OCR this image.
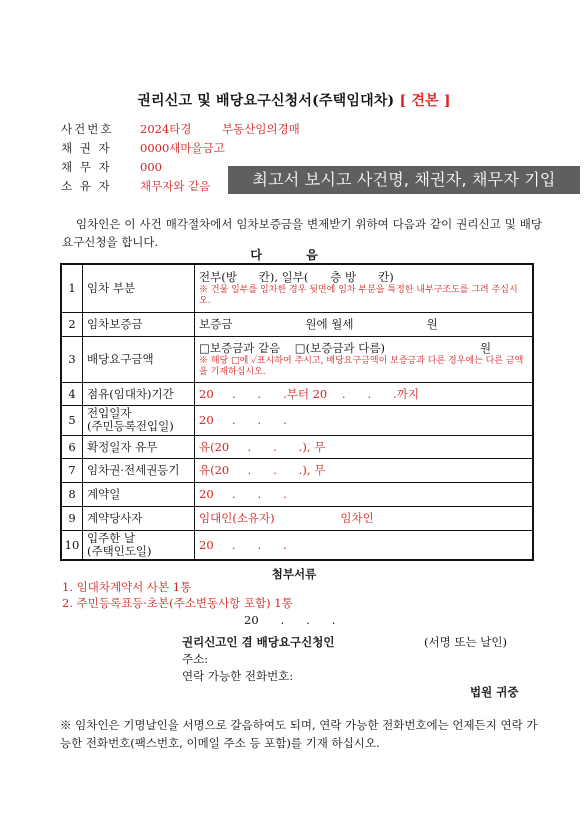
권리신고 및 배당요구신청서(주택임대차) [ 견본 ]
사건번호	2024타경	부동산임의경매
채 권 자	0000새마을금고
채 무 자	000
소 유 자	채무자와 같음	최고서 보시고 사건명, 채권자, 채무자 기입
임차인은 이 사건 매각절차에서 임차보증금을 변제받기 위하여 다음과 같이 권리신고 및 배당요구신청을 합니다.
다 음
1	임차 부분	전부(방      칸), 일부(      층 방      칸)
※ 건물 일부를 임차한 경우 뒷면에 임차 부분을 특정한 내부구조도를 그려 주십시오.

2	임차보증금	보증금                    원에 월세                    원
3	배당요구금액	□보증금과 같음    □(보증금과 다름)                          원
※ 해당 □에 ✓표시하여 주시고, 배당요구금액이 보증금과 다른 경우에는 다른 금액을 기재하십시오.

4	점유(임대차)기간	20     .      .      .부터 20    .      .      .까지
5	전입일자
(주민등록전입일)	20     .      .      .
6	확정일자 유무	유(20     .      .      .), 무
7	임차권·전세권등기	유(20     .      .      .), 무
8	계약일	20     .      .      .
9	계약당사자	임대인(소유자)                  임차인
10	입주한 날
(주택인도일)	20     .      .      .
첨부서류
1. 임대차계약서 사본 1통
2. 주민등록표등·초본(주소변동사항 포함) 1통
20      .      .      .
권리신고인 겸 배당요구신청인	(서명 또는 날인)
주소:
연락 가능한 전화번호:
법원 귀중
※ 임차인은 기명날인을 서명으로 갈음하여도 되며, 연락 가능한 전화번호에는 언제든지 연락 가능한 전화번호(팩스번호, 이메일 주소 등 포함)를 기재 하십시오.
